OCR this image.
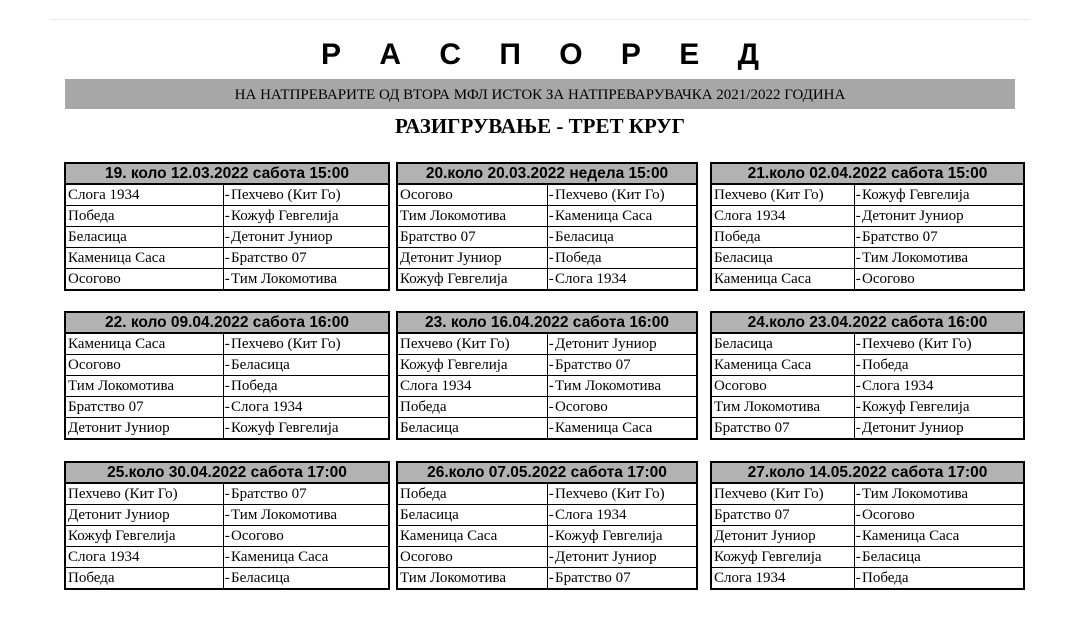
Р А С П О Р Е Д
НА НАТПРЕВАРИТЕ ОД ВТОРА МФЛ ИСТОК ЗА НАТПРЕВАРУВАЧКА 2021/2022 ГОДИНА
РАЗИГРУВАЊЕ - ТРЕТ КРУГ
19. коло 12.03.2022 сабота 15:00		
Слога 1934	-	Пехчево (Кит Го)
Победа	-	Кожуф Гевгелија
Беласица	-	Детонит Јуниор
Каменица Саса	-	Братство 07
Осогово	-	Тим Локомотива
20.коло 20.03.2022 недела 15:00		
Осогово	-	Пехчево (Кит Го)
Тим Локомотива	-	Каменица Саса
Братство 07	-	Беласица
Детонит Јуниор	-	Победа
Кожуф Гевгелија	-	Слога 1934
21.коло 02.04.2022 сабота 15:00		
Пехчево (Кит Го)	-	Кожуф Гевгелија
Слога 1934	-	Детонит Јуниор
Победа	-	Братство 07
Беласица	-	Тим Локомотива
Каменица Саса	-	Осогово
22. коло 09.04.2022 сабота 16:00		
Каменица Саса	-	Пехчево (Кит Го)
Осогово	-	Беласица
Тим Локомотива	-	Победа
Братство 07	-	Слога 1934
Детонит Јуниор	-	Кожуф Гевгелија
23. коло 16.04.2022 сабота 16:00		
Пехчево (Кит Го)	-	Детонит Јуниор
Кожуф Гевгелија	-	Братство 07
Слога 1934	-	Тим Локомотива
Победа	-	Осогово
Беласица	-	Каменица Саса
24.коло 23.04.2022 сабота 16:00		
Беласица	-	Пехчево (Кит Го)
Каменица Саса	-	Победа
Осогово	-	Слога 1934
Тим Локомотива	-	Кожуф Гевгелија
Братство 07	-	Детонит Јуниор
25.коло 30.04.2022 сабота 17:00		
Пехчево (Кит Го)	-	Братство 07
Детонит Јуниор	-	Тим Локомотива
Кожуф Гевгелија	-	Осогово
Слога 1934	-	Каменица Саса
Победа	-	Беласица
26.коло 07.05.2022 сабота 17:00		
Победа	-	Пехчево (Кит Го)
Беласица	-	Слога 1934
Каменица Саса	-	Кожуф Гевгелија
Осогово	-	Детонит Јуниор
Тим Локомотива	-	Братство 07
27.коло 14.05.2022 сабота 17:00		
Пехчево (Кит Го)	-	Тим Локомотива
Братство 07	-	Осогово
Детонит Јуниор	-	Каменица Саса
Кожуф Гевгелија	-	Беласица
Слога 1934	-	Победа
